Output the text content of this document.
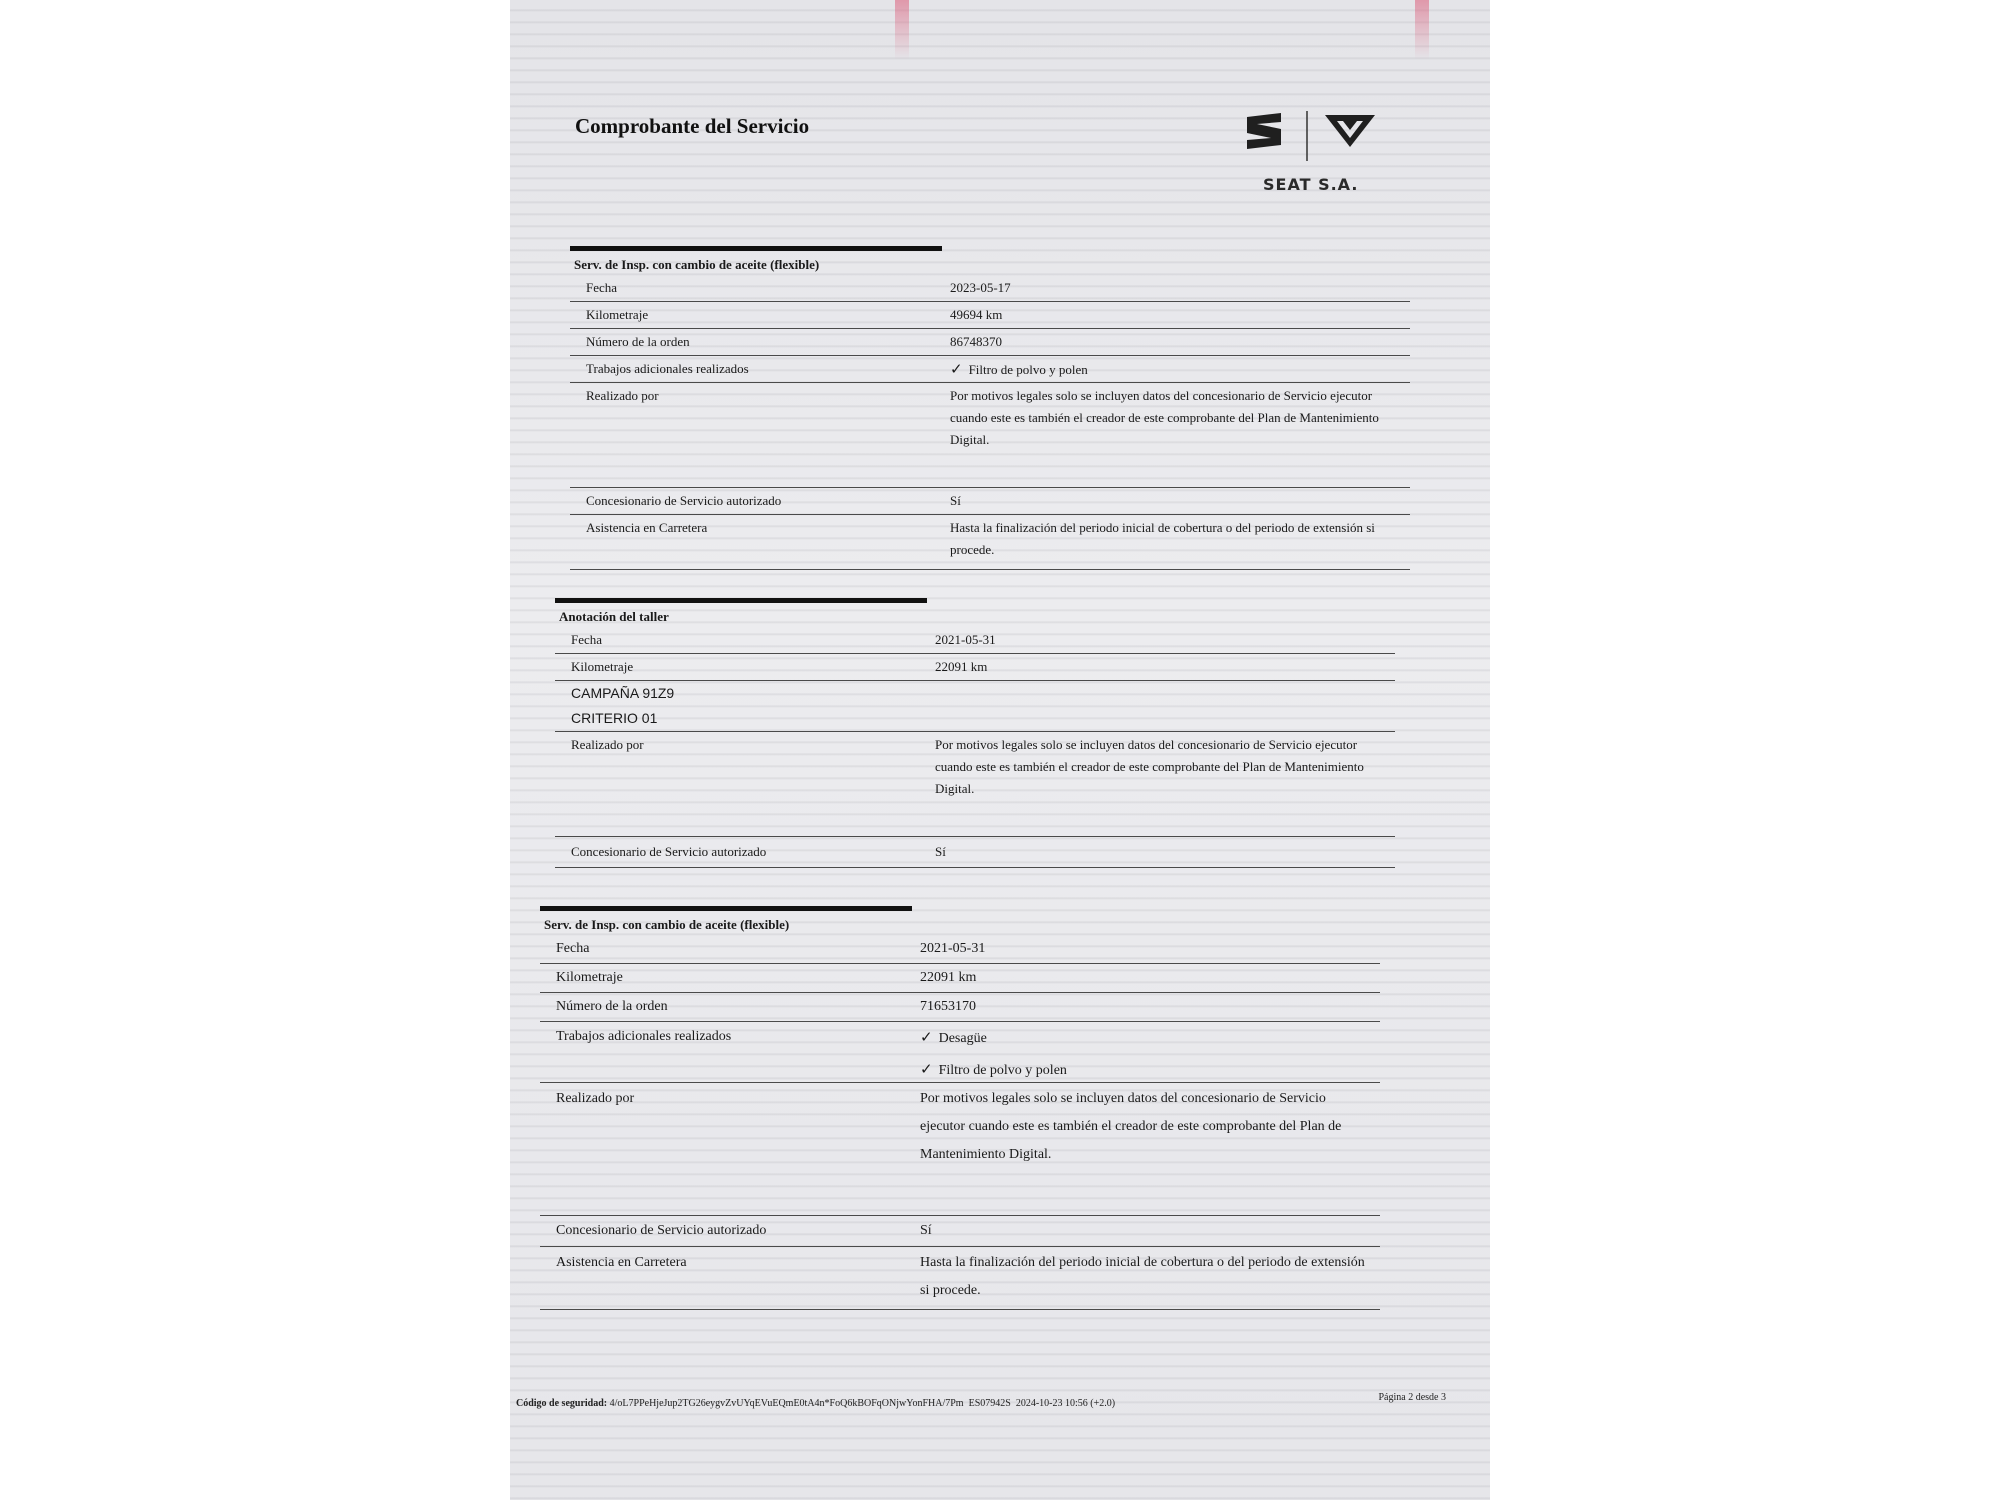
Comprobante del Servicio
SEAT S.A.
Serv. de Insp. con cambio de aceite (flexible)
Fecha	2023-05-17
Kilometraje	49694 km
Número de la orden	86748370
Trabajos adicionales realizados	✓ Filtro de polvo y polen
Realizado por	Por motivos legales solo se incluyen datos del concesionario de Servicio ejecutor cuando este es también el creador de este comprobante del Plan de Mantenimiento Digital.
Concesionario de Servicio autorizado	Sí
Asistencia en Carretera	Hasta la finalización del periodo inicial de cobertura o del periodo de extensión si procede.
Anotación del taller
Fecha	2021-05-31
Kilometraje	22091 km
CAMPAÑA 91Z9
CRITERIO 01
Realizado por	Por motivos legales solo se incluyen datos del concesionario de Servicio ejecutor cuando este es también el creador de este comprobante del Plan de Mantenimiento Digital.
Concesionario de Servicio autorizado	Sí
Serv. de Insp. con cambio de aceite (flexible)
Fecha	2021-05-31
Kilometraje	22091 km
Número de la orden	71653170
Trabajos adicionales realizados	✓ Desagüe
✓ Filtro de polvo y polen
Realizado por	Por motivos legales solo se incluyen datos del concesionario de Servicio ejecutor cuando este es también el creador de este comprobante del Plan de Mantenimiento Digital.
Concesionario de Servicio autorizado	Sí
Asistencia en Carretera	Hasta la finalización del periodo inicial de cobertura o del periodo de extensión si procede.
Código de seguridad: 4/oL7PPeHjeJup2TG26eygvZvUYqEVuEQmE0tA4n*FoQ6kBOFqONjwYonFHA/7Pm ES07942S 2024-10-23 10:56 (+2.0)
Página 2 desde 3
